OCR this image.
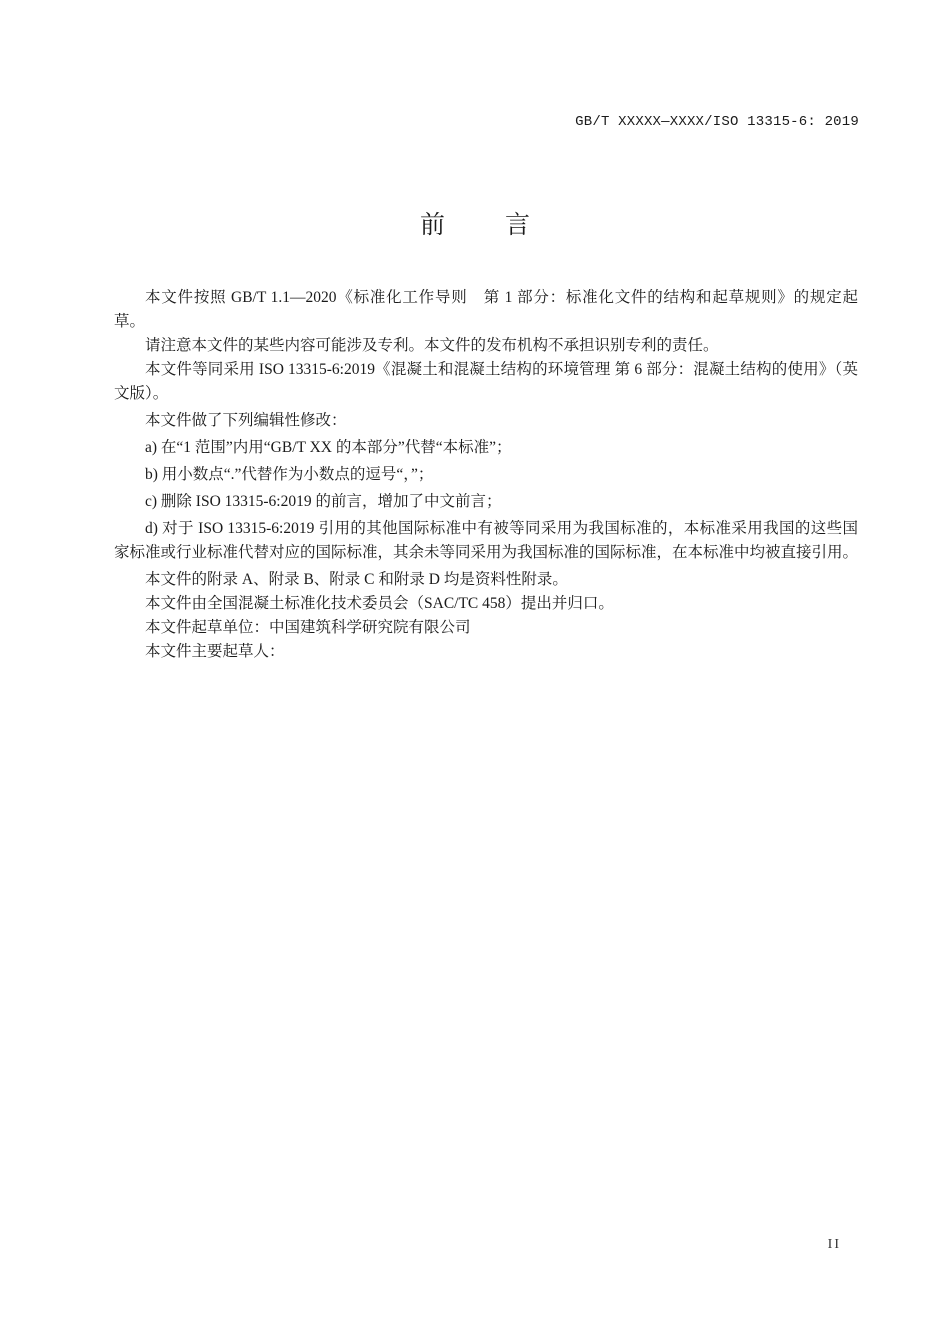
GB/T XXXXX—XXXX/ISO 13315-6: 2019
前 言

本文件按照 GB/T 1.1—2020《标准化工作导则　第 1 部分：标准化文件的结构和起草规则》的规定起草。

请注意本文件的某些内容可能涉及专利。本文件的发布机构不承担识别专利的责任。

本文件等同采用 ISO 13315-6:2019《混凝土和混凝土结构的环境管理 第 6 部分：混凝土结构的使用》（英文版）。

本文件做了下列编辑性修改：

a) 在“1 范围”内用“GB/T XX 的本部分”代替“本标准”；

b) 用小数点“.”代替作为小数点的逗号“，”；

c) 删除 ISO 13315-6:2019 的前言，增加了中文前言；

d) 对于 ISO 13315-6:2019 引用的其他国际标准中有被等同采用为我国标准的，本标准采用我国的这些国家标准或行业标准代替对应的国际标准，其余未等同采用为我国标准的国际标准，在本标准中均被直接引用。

本文件的附录 A、附录 B、附录 C 和附录 D 均是资料性附录。

本文件由全国混凝土标准化技术委员会（SAC/TC 458）提出并归口。

本文件起草单位：中国建筑科学研究院有限公司

本文件主要起草人：

II
